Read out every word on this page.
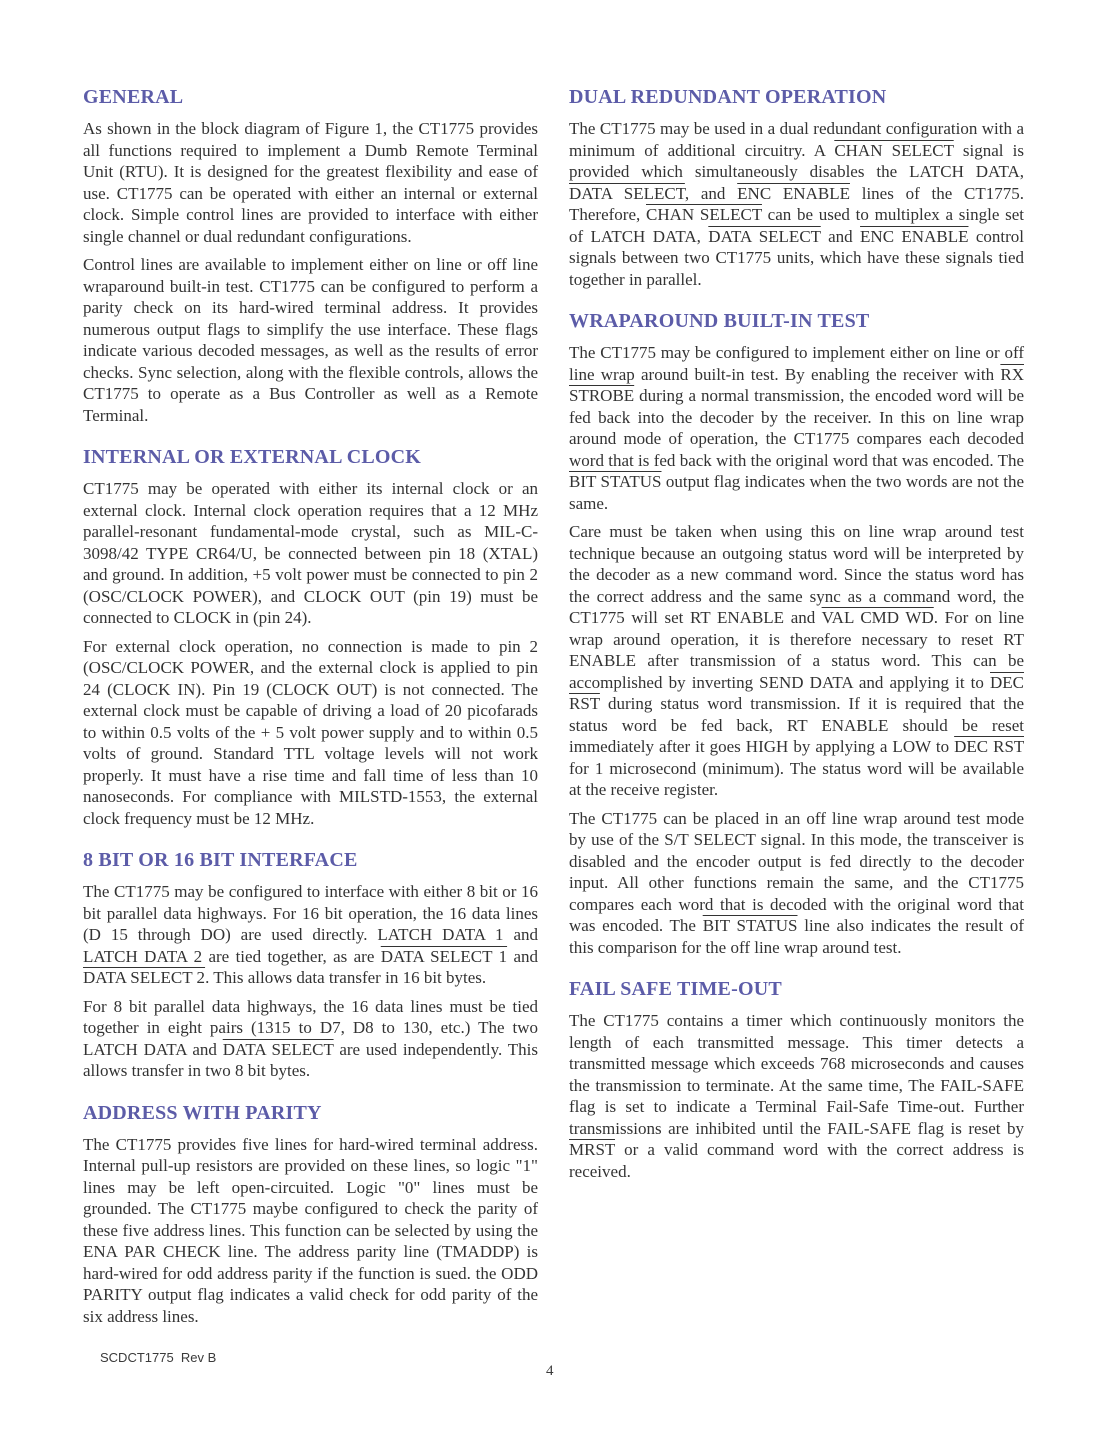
GENERAL

As shown in the block diagram of Figure 1, the CT1775 provides all functions required to implement a Dumb Remote Terminal Unit (RTU). It is designed for the greatest flexibility and ease of use. CT1775 can be operated with either an internal or external clock. Simple control lines are provided to interface with either single channel or dual redundant configurations.

Control lines are available to implement either on line or off line wraparound built-in test. CT1775 can be configured to perform a parity check on its hard-wired terminal address. It provides numerous output flags to simplify the use interface. These flags indicate various decoded messages, as well as the results of error checks. Sync selection, along with the flexible controls, allows the CT1775 to operate as a Bus Controller as well as a Remote Terminal.

INTERNAL OR EXTERNAL CLOCK

CT1775 may be operated with either its internal clock or an external clock. Internal clock operation requires that a 12 MHz parallel-resonant fundamental-mode crystal, such as MIL-C-3098/42 TYPE CR64/U, be connected between pin 18 (XTAL) and ground. In addition, +5 volt power must be connected to pin 2 (OSC/CLOCK POWER), and CLOCK OUT (pin 19) must be connected to CLOCK in (pin 24).

For external clock operation, no connection is made to pin 2 (OSC/CLOCK POWER, and the external clock is applied to pin 24 (CLOCK IN). Pin 19 (CLOCK OUT) is not connected. The external clock must be capable of driving a load of 20 picofarads to within 0.5 volts of the + 5 volt power supply and to within 0.5 volts of ground. Standard TTL voltage levels will not work properly. It must have a rise time and fall time of less than 10 nanoseconds. For compliance with MILSTD-1553, the external clock frequency must be 12 MHz.

8 BIT OR 16 BIT INTERFACE

The CT1775 may be configured to interface with either 8 bit or 16 bit parallel data highways. For 16 bit operation, the 16 data lines (D 15 through DO) are used directly. LATCH DATA 1 and LATCH DATA 2 are tied together, as are DATA SELECT 1 and DATA SELECT 2. This allows data transfer in 16 bit bytes.

For 8 bit parallel data highways, the 16 data lines must be tied together in eight pairs (1315 to D7, D8 to 130, etc.) The two LATCH DATA and DATA SELECT are used independently. This allows transfer in two 8 bit bytes.

ADDRESS WITH PARITY

The CT1775 provides five lines for hard-wired terminal address. Internal pull-up resistors are provided on these lines, so logic "1" lines may be left open-circuited. Logic "0" lines must be grounded. The CT1775 maybe configured to check the parity of these five address lines. This function can be selected by using the ENA PAR CHECK line. The address parity line (TMADDP) is hard-wired for odd address parity if the function is sued. the ODD PARITY output flag indicates a valid check for odd parity of the six address lines.

DUAL REDUNDANT OPERATION

The CT1775 may be used in a dual redundant configuration with a minimum of additional circuitry. A CHAN SELECT signal is provided which simultaneously disables the LATCH DATA, DATA SELECT, and ENC ENABLE lines of the CT1775. Therefore, CHAN SELECT can be used to multiplex a single set of LATCH DATA, DATA SELECT and ENC ENABLE control signals between two CT1775 units, which have these signals tied together in parallel.

WRAPAROUND BUILT-IN TEST

The CT1775 may be configured to implement either on line or off line wrap around built-in test. By enabling the receiver with RX STROBE during a normal transmission, the encoded word will be fed back into the decoder by the receiver. In this on line wrap around mode of operation, the CT1775 compares each decoded word that is fed back with the original word that was encoded. The BIT STATUS output flag indicates when the two words are not the same.

Care must be taken when using this on line wrap around test technique because an outgoing status word will be interpreted by the decoder as a new command word. Since the status word has the correct address and the same sync as a command word, the CT1775 will set RT ENABLE and VAL CMD WD. For on line wrap around operation, it is therefore necessary to reset RT ENABLE after transmission of a status word. This can be accomplished by inverting SEND DATA and applying it to DEC RST during status word transmission. If it is required that the status word be fed back, RT ENABLE should be reset immediately after it goes HIGH by applying a LOW to DEC RST for 1 microsecond (minimum). The status word will be available at the receive register.

The CT1775 can be placed in an off line wrap around test mode by use of the S/T SELECT signal. In this mode, the transceiver is disabled and the encoder output is fed directly to the decoder input. All other functions remain the same, and the CT1775 compares each word that is decoded with the original word that was encoded. The BIT STATUS line also indicates the result of this comparison for the off line wrap around test.

FAIL SAFE TIME-OUT

The CT1775 contains a timer which continuously monitors the length of each transmitted message. This timer detects a transmitted message which exceeds 768 microseconds and causes the transmission to terminate. At the same time, The FAIL-SAFE flag is set to indicate a Terminal Fail-Safe Time-out. Further transmissions are inhibited until the FAIL-SAFE flag is reset by MRST or a valid command word with the correct address is received.

SCDCT1775  Rev B
4
